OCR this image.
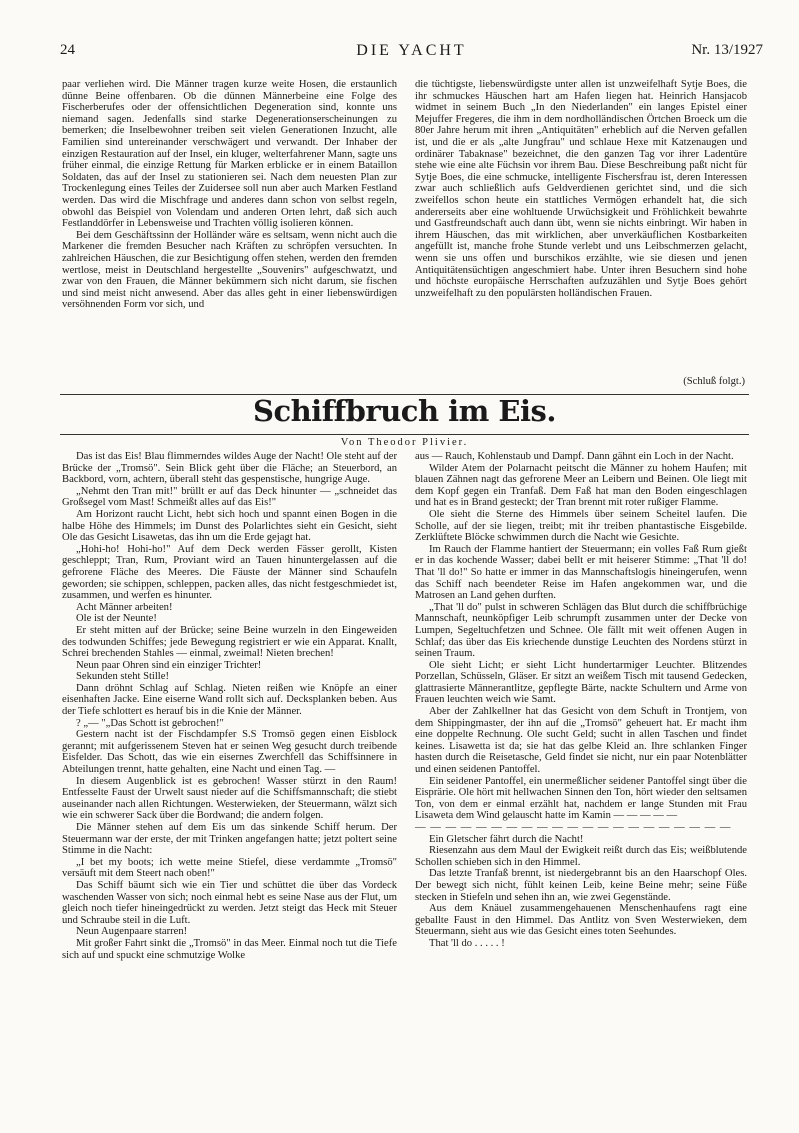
24	DIE YACHT	Nr. 13/1927

paar verliehen wird. Die Männer tragen kurze weite Hosen, die erstaunlich dünne Beine offenbaren. Ob die dünnen Männerbeine eine Folge des Fischerberufes oder der offensichtlichen Degeneration sind, konnte uns niemand sagen. Jedenfalls sind starke Degenerationserscheinungen zu bemerken; die Inselbewohner treiben seit vielen Generationen Inzucht, alle Familien sind untereinander verschwägert und verwandt. Der Inhaber der einzigen Restauration auf der Insel, ein kluger, welterfahrener Mann, sagte uns früher einmal, die einzige Rettung für Marken erblicke er in einem Bataillon Soldaten, das auf der Insel zu stationieren sei. Nach dem neuesten Plan zur Trockenlegung eines Teiles der Zuidersee soll nun aber auch Marken Festland werden. Das wird die Mischfrage und anderes dann schon von selbst regeln, obwohl das Beispiel von Volendam und anderen Orten lehrt, daß sich auch Festlanddörfer in Lebensweise und Trachten völlig isolieren können.

Bei dem Geschäftssinn der Holländer wäre es seltsam, wenn nicht auch die Markener die fremden Besucher nach Kräften zu schröpfen versuchten. In zahlreichen Häuschen, die zur Besichtigung offen stehen, werden den fremden wertlose, meist in Deutschland hergestellte „Souvenirs" aufgeschwatzt, und zwar von den Frauen, die Männer bekümmern sich nicht darum, sie fischen und sind meist nicht anwesend. Aber das alles geht in einer liebenswürdigen versöhnenden Form vor sich, und

die tüchtigste, liebenswürdigste unter allen ist unzweifelhaft Sytje Boes, die ihr schmuckes Häuschen hart am Hafen liegen hat. Heinrich Hansjacob widmet in seinem Buch „In den Niederlanden" ein langes Epistel einer Mejuffer Fregeres, die ihm in dem nordholländischen Örtchen Broeck um die 80er Jahre herum mit ihren „Antiquitäten" erheblich auf die Nerven gefallen ist, und die er als „alte Jungfrau" und schlaue Hexe mit Katzenaugen und ordinärer Tabaknase" bezeichnet, die den ganzen Tag vor ihrer Ladentüre stehe wie eine alte Füchsin vor ihrem Bau. Diese Beschreibung paßt nicht für Sytje Boes, die eine schmucke, intelligente Fischersfrau ist, deren Interessen zwar auch schließlich aufs Geldverdienen gerichtet sind, und die sich zweifellos schon heute ein stattliches Vermögen erhandelt hat, die sich andererseits aber eine wohltuende Urwüchsigkeit und Fröhlichkeit bewahrte und Gastfreundschaft auch dann übt, wenn sie nichts einbringt. Wir haben in ihrem Häuschen, das mit wirklichen, aber unverkäuflichen Kostbarkeiten angefüllt ist, manche frohe Stunde verlebt und uns Leibschmerzen gelacht, wenn sie uns offen und burschikos erzählte, wie sie diesen und jenen Antiquitätensüchtigen angeschmiert habe. Unter ihren Besuchern sind hohe und höchste europäische Herrschaften aufzuzählen und Sytje Boes gehört unzweifelhaft zu den populärsten holländischen Frauen.

(Schluß folgt.)
Schiffbruch im Eis.
Von Theodor Plivier.

Das ist das Eis! Blau flimmerndes wildes Auge der Nacht! Ole steht auf der Brücke der „Tromsö". Sein Blick geht über die Fläche; an Steuerbord, an Backbord, vorn, achtern, überall steht das gespenstische, hungrige Auge.

„Nehmt den Tran mit!" brüllt er auf das Deck hinunter — „schneidet das Großsegel vom Mast! Schmeißt alles auf das Eis!"

Am Horizont raucht Licht, hebt sich hoch und spannt einen Bogen in die halbe Höhe des Himmels; im Dunst des Polarlichtes sieht ein Gesicht, sieht Ole das Gesicht Lisawetas, das ihn um die Erde gejagt hat.

„Hohi-ho! Hohi-ho!" Auf dem Deck werden Fässer gerollt, Kisten geschleppt; Tran, Rum, Proviant wird an Tauen hinuntergelassen auf die gefrorene Fläche des Meeres. Die Fäuste der Männer sind Schaufeln geworden; sie schippen, schleppen, packen alles, das nicht festgeschmiedet ist, zusammen, und werfen es hinunter.

Acht Männer arbeiten!

Ole ist der Neunte!

Er steht mitten auf der Brücke; seine Beine wurzeln in den Eingeweiden des todwunden Schiffes; jede Bewegung registriert er wie ein Apparat. Knallt, Schrei brechenden Stahles — einmal, zweimal! Nieten brechen!

Neun paar Ohren sind ein einziger Trichter!

Sekunden steht Stille!

Dann dröhnt Schlag auf Schlag. Nieten reißen wie Knöpfe an einer eisenhaften Jacke. Eine eiserne Wand rollt sich auf. Decksplanken beben. Aus der Tiefe schlottert es herauf bis in die Knie der Männer.

? „— "„Das Schott ist gebrochen!"

Gestern nacht ist der Fischdampfer S.S Tromsö gegen einen Eisblock gerannt; mit aufgerissenem Steven hat er seinen Weg gesucht durch treibende Eisfelder. Das Schott, das wie ein eisernes Zwerchfell das Schiffsinnere in Abteilungen trennt, hatte gehalten, eine Nacht und einen Tag. —

In diesem Augenblick ist es gebrochen! Wasser stürzt in den Raum! Entfesselte Faust der Urwelt saust nieder auf die Schiffsmannschaft; die stiebt auseinander nach allen Richtungen. Westerwieken, der Steuermann, wälzt sich wie ein schwerer Sack über die Bordwand; die andern folgen.

Die Männer stehen auf dem Eis um das sinkende Schiff herum. Der Steuermann war der erste, der mit Trinken angefangen hatte; jetzt poltert seine Stimme in die Nacht:

„I bet my boots; ich wette meine Stiefel, diese verdammte „Tromsö" versäuft mit dem Steert nach oben!"

Das Schiff bäumt sich wie ein Tier und schüttet die über das Vordeck waschenden Wasser von sich; noch einmal hebt es seine Nase aus der Flut, um gleich noch tiefer hineingedrückt zu werden. Jetzt steigt das Heck mit Steuer und Schraube steil in die Luft.

Neun Augenpaare starren!

Mit großer Fahrt sinkt die „Tromsö" in das Meer. Einmal noch tut die Tiefe sich auf und spuckt eine schmutzige Wolke

aus — Rauch, Kohlenstaub und Dampf. Dann gähnt ein Loch in der Nacht.

Wilder Atem der Polarnacht peitscht die Männer zu hohem Haufen; mit blauen Zähnen nagt das gefrorene Meer an Leibern und Beinen. Ole liegt mit dem Kopf gegen ein Tranfaß. Dem Faß hat man den Boden eingeschlagen und hat es in Brand gesteckt; der Tran brennt mit roter rußiger Flamme.

Ole sieht die Sterne des Himmels über seinem Scheitel laufen. Die Scholle, auf der sie liegen, treibt; mit ihr treiben phantastische Eisgebilde. Zerklüftete Blöcke schwimmen durch die Nacht wie Gesichte.

Im Rauch der Flamme hantiert der Steuermann; ein volles Faß Rum gießt er in das kochende Wasser; dabei bellt er mit heiserer Stimme: „That 'll do! That 'll do!" So hatte er immer in das Mannschaftslogis hineingerufen, wenn das Schiff nach beendeter Reise im Hafen angekommen war, und die Matrosen an Land gehen durften.

„That 'll do" pulst in schweren Schlägen das Blut durch die schiffbrüchige Mannschaft, neunköpfiger Leib schrumpft zusammen unter der Decke von Lumpen, Segeltuchfetzen und Schnee. Ole fällt mit weit offenen Augen in Schlaf; das über das Eis kriechende dunstige Leuchten des Nordens stürzt in seinen Traum.

Ole sieht Licht; er sieht Licht hundertarmiger Leuchter. Blitzendes Porzellan, Schüsseln, Gläser. Er sitzt an weißem Tisch mit tausend Gedecken, glattrasierte Männerantlitze, gepflegte Bärte, nackte Schultern und Arme von Frauen leuchten weich wie Samt.

Aber der Zahlkellner hat das Gesicht von dem Schuft in Trontjem, von dem Shippingmaster, der ihn auf die „Tromsö" geheuert hat. Er macht ihm eine doppelte Rechnung. Ole sucht Geld; sucht in allen Taschen und findet keines. Lisawetta ist da; sie hat das gelbe Kleid an. Ihre schlanken Finger hasten durch die Reisetasche, Geld findet sie nicht, nur ein paar Notenblätter und einen seidenen Pantoffel.

Ein seidener Pantoffel, ein unermeßlicher seidener Pantoffel singt über die Eisprärie. Ole hört mit hellwachen Sinnen den Ton, hört wieder den seltsamen Ton, von dem er einmal erzählt hat, nachdem er lange Stunden mit Frau Lisaweta dem Wind gelauscht hatte im Kamin — — — — —

— — — — — — — — — — — — — — — — — — — — —

Ein Gletscher fährt durch die Nacht!

Riesenzahn aus dem Maul der Ewigkeit reißt durch das Eis; weißblutende Schollen schieben sich in den Himmel.

Das letzte Tranfaß brennt, ist niedergebrannt bis an den Haarschopf Oles. Der bewegt sich nicht, fühlt keinen Leib, keine Beine mehr; seine Füße stecken in Stiefeln und sehen ihn an, wie zwei Gegenstände.

Aus dem Knäuel zusammengehauenen Menschenhaufens ragt eine geballte Faust in den Himmel. Das Antlitz von Sven Westerwieken, dem Steuermann, sieht aus wie das Gesicht eines toten Seehundes.

That 'll do . . . . . !
